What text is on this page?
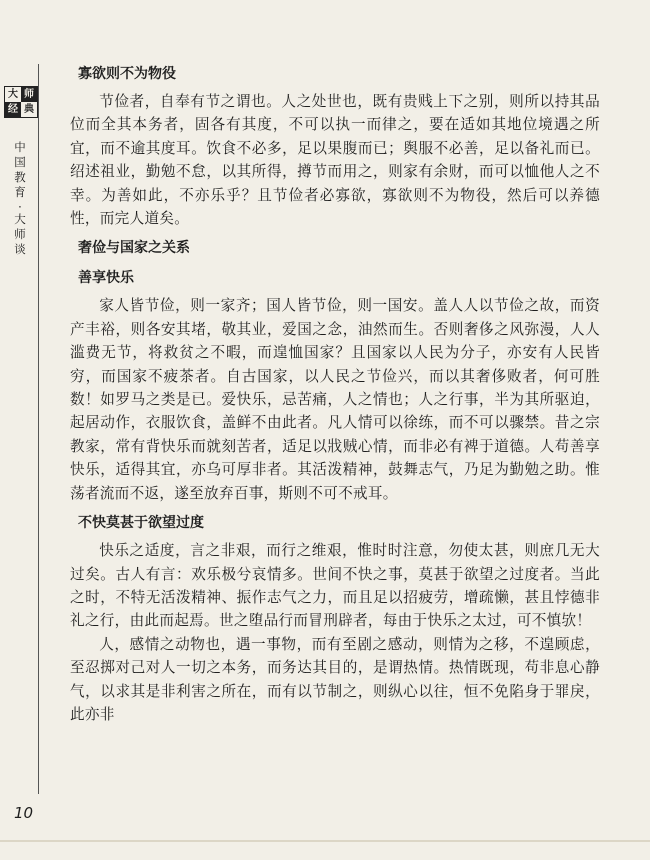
大 师
经 典
中
国
教
育
·
大
师
谈
寡欲则不为物役

节俭者，自奉有节之谓也。人之处世也，既有贵贱上下之别，则所以持其品位而全其本务者，固各有其度，不可以执一而律之，要在适如其地位境遇之所宜，而不逾其度耳。饮食不必多，足以果腹而已；舆服不必善，足以备礼而已。绍述祖业，勤勉不怠，以其所得，撙节而用之，则家有余财，而可以恤他人之不幸。为善如此，不亦乐乎？且节俭者必寡欲，寡欲则不为物役，然后可以养德性，而完人道矣。

奢俭与国家之关系
善享快乐

家人皆节俭，则一家齐；国人皆节俭，则一国安。盖人人以节俭之故，而资产丰裕，则各安其堵，敬其业，爱国之念，油然而生。否则奢侈之风弥漫，人人滥费无节，将救贫之不暇，而遑恤国家？且国家以人民为分子，亦安有人民皆穷，而国家不疲茶者。自古国家，以人民之节俭兴，而以其奢侈败者，何可胜数！如罗马之类是已。爱快乐，忌苦痛，人之情也；人之行事，半为其所驱迫，起居动作，衣服饮食，盖鲜不由此者。凡人情可以徐练，而不可以骤禁。昔之宗教家，常有背快乐而就刻苦者，适足以戕贼心情，而非必有裨于道德。人苟善享快乐，适得其宜，亦乌可厚非者。其活泼精神，鼓舞志气，乃足为勤勉之助。惟荡者流而不返，遂至放弃百事，斯则不可不戒耳。

不快莫甚于欲望过度

快乐之适度，言之非艰，而行之维艰，惟时时注意，勿使太甚，则庶几无大过矣。古人有言：欢乐极兮哀情多。世间不快之事，莫甚于欲望之过度者。当此之时，不特无活泼精神、振作志气之力，而且足以招疲劳，增疏懒，甚且悖德非礼之行，由此而起焉。世之堕品行而冒刑辟者，每由于快乐之太过，可不慎欤！

人，感情之动物也，遇一事物，而有至剧之感动，则情为之移，不遑顾虑，至忍掷对己对人一切之本务，而务达其目的，是谓热情。热情既现，苟非息心静气，以求其是非利害之所在，而有以节制之，则纵心以往，恒不免陷身于罪戾，此亦非

10
